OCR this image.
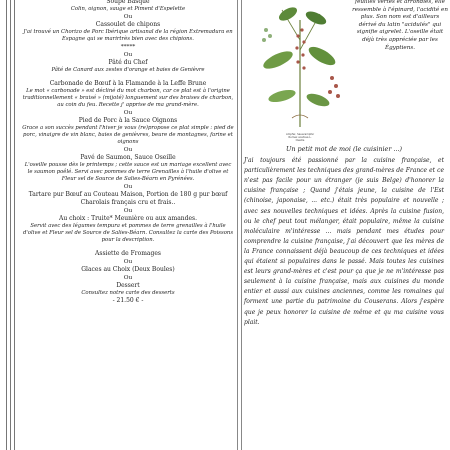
Soupe Basque
Colin, oignon, sauge et Piment d'Espelette
Ou
Cassoulet de chipons
J'ai trouvé un Chorizo de Porc Ibérique artisanal de la région Extremadura en Espagne qui se marirtrès bien avec des chipions.
*****
Ou
Pâté du Chef
Pâté de Canard aux zestes d'orange et baies de Genièvre
Carbonade de Bœuf à la Flamande à la Leffe Brune
Le mot « carbonade » est décliné du mot charbon, car ce plat est à l'origine traditionnellement « braisé » (mijoté) longuement sur des braises de charbon, au coin du feu. Recette j' apprise de ma grand-mère.
Ou
Pied de Porc à la Sauce Oignons
Grace a son succès pendant l'hiver je vous (re)propose ce plat simple : pied de porc, vinaigre de vin blanc, baies de genièvres, beure de montagnes, farine et oignons
Ou
Pavé de Saumon, Sauce Oseille
L'oseille pousse dès le printemps ; cette sauce est un mariage excellent avec le saumon poêlé. Servi avec pommes de terre Grenailles à l'huile d'olive et Fleur sel de Source de Salies-Béarn en Pyrénées.
Ou
Tartare pur Bœuf au Couteau Maison, Portion de 180 g pur bœuf Charolais français cru et frais..
Ou
Au choix : Truite* Meunière ou aux amandes.
Servit avec des légumes tempura et pommes de terre grenailles à l'huile d'olive et Fleur sel de Source de Salies-Béarn. Consultez la carte des Poissons pour la description.
Assiette de Fromages
Ou
Glaces au Choix (Deux Boules)
Ou
Dessert
Consultez notre carte des desserts
- 21.50 € -
Ampfer, Sauerampfer
Rumex acetosa L.
Oseille
feuilles vertes et arrondies, elle ressemble à l'épinard, l'acidité en plus. Son nom est d'ailleurs dérivé du latin "acidulés" qui signifie aigrelet. L'oseille était déjà très appréciée par les Égyptiens.
Un petit mot de moi (le cuisinier ...)

J'ai toujours été passionné par la cuisine française, et particulièrement les techniques des grand-mères de France et ce n'est pas facile pour un étranger (je suis Belge) d'honorer la cuisine française ; Quand j'étais jeune, la cuisine de l'Est (chinoise, japonaise, ... etc.) était très populaire et nouvelle ; avec ses nouvelles techniques et idées. Après la cuisine fusion, ou le chef peut tout mélanger, était populaire, même la cuisine moléculaire m'intéresse ... mais pendant mes études pour comprendre la cuisine française, j'ai découvert que les mères de la France connaissent déjà beaucoup de ces techniques et idées qui étaient si populaires dans le passé. Mais toutes les cuisines est leurs grand-mères et c'est pour ça que je ne m'intéresse pas seulement à la cuisine française, mais aux cuisines du monde entier et aussi aux cuisines anciennes, comme les romaines qui forment une partie du patrimoine du Couserans. Alors j'espère que je peux honorer la cuisine de même et qu ma cuisine vous plait.
